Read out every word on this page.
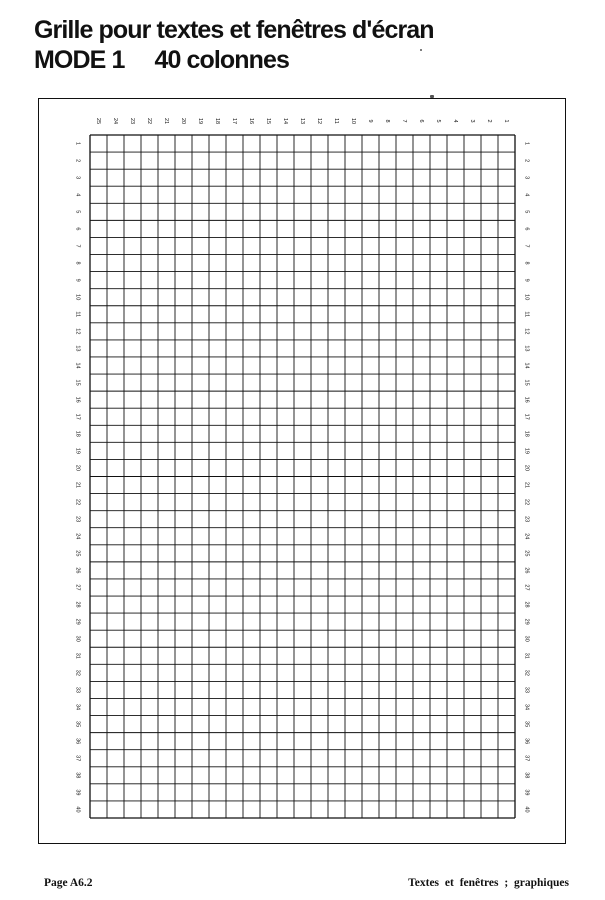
Grille pour textes et fenêtres d'écran
MODE 1 40 colonnes
1
2
3
4
5
6
7
8
9
10
11
12
13
14
15
16
17
18
19
20
21
22
23
24
25
1	1
2	2
3	3
4	4
5	5
6	6
7	7
8	8
9	9
10	10
11	11
12	12
13	13
14	14
15	15
16	16
17	17
18	18
19	19
20	20
21	21
22	22
23	23
24	24
25	25
26	26
27	27
28	28
29	29
30	30
31	31
32	32
33	33
34	34
35	35
36	36
37	37
38	38
39	39
40	40
Page A6.2	Textes et fenêtres ; graphiques
